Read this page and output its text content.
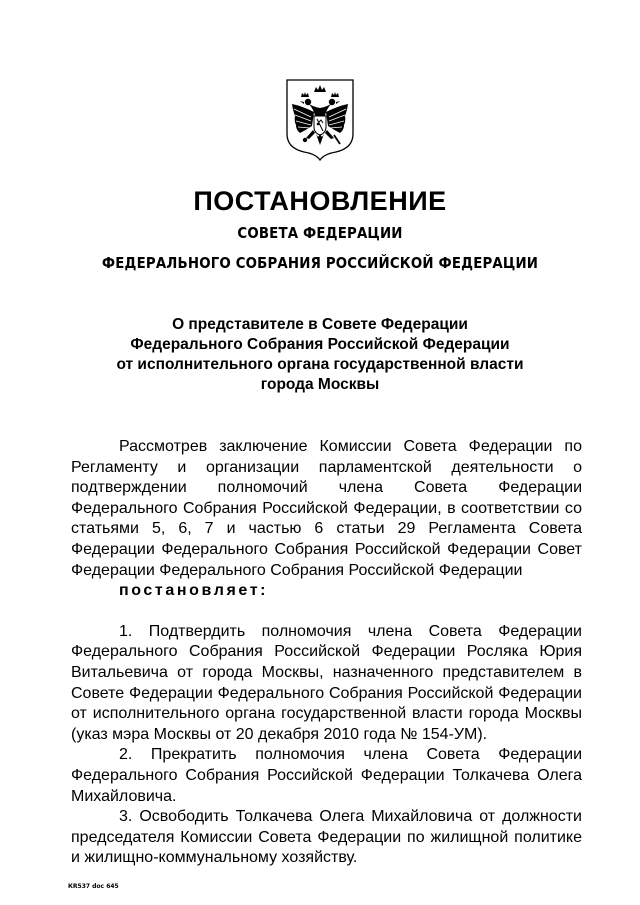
ПОСТАНОВЛЕНИЕ
СОВЕТА ФЕДЕРАЦИИ
ФЕДЕРАЛЬНОГО СОБРАНИЯ РОССИЙСКОЙ ФЕДЕРАЦИИ
О представителе в Совете Федерации
Федерального Собрания Российской Федерации
от исполнительного органа государственной власти
города Москвы

Рассмотрев заключение Комиссии Совета Федерации по Регламенту и организации парламентской деятельности о подтверждении полномочий члена Совета Федерации Федерального Собрания Российской Федерации, в соответствии со статьями 5, 6, 7 и частью 6 статьи 29 Регламента Совета Федерации Федерального Собрания Российской Федерации Совет Федерации Федерального Собрания Российской Федерации
постановляет:

1. Подтвердить полномочия члена Совета Федерации Федерального Собрания Российской Федерации Росляка Юрия Витальевича от города Москвы, назначенного представителем в Совете Федерации Федерального Собрания Российской Федерации от исполнительного органа государственной власти города Москвы (указ мэра Москвы от 20 декабря 2010 года № 154-УМ).

2. Прекратить полномочия члена Совета Федерации Федерального Собрания Российской Федерации Толкачева Олега Михайловича.

3. Освободить Толкачева Олега Михайловича от должности председателя Комиссии Совета Федерации по жилищной политике и жилищно-коммунальному хозяйству.

КR537 doc 645
